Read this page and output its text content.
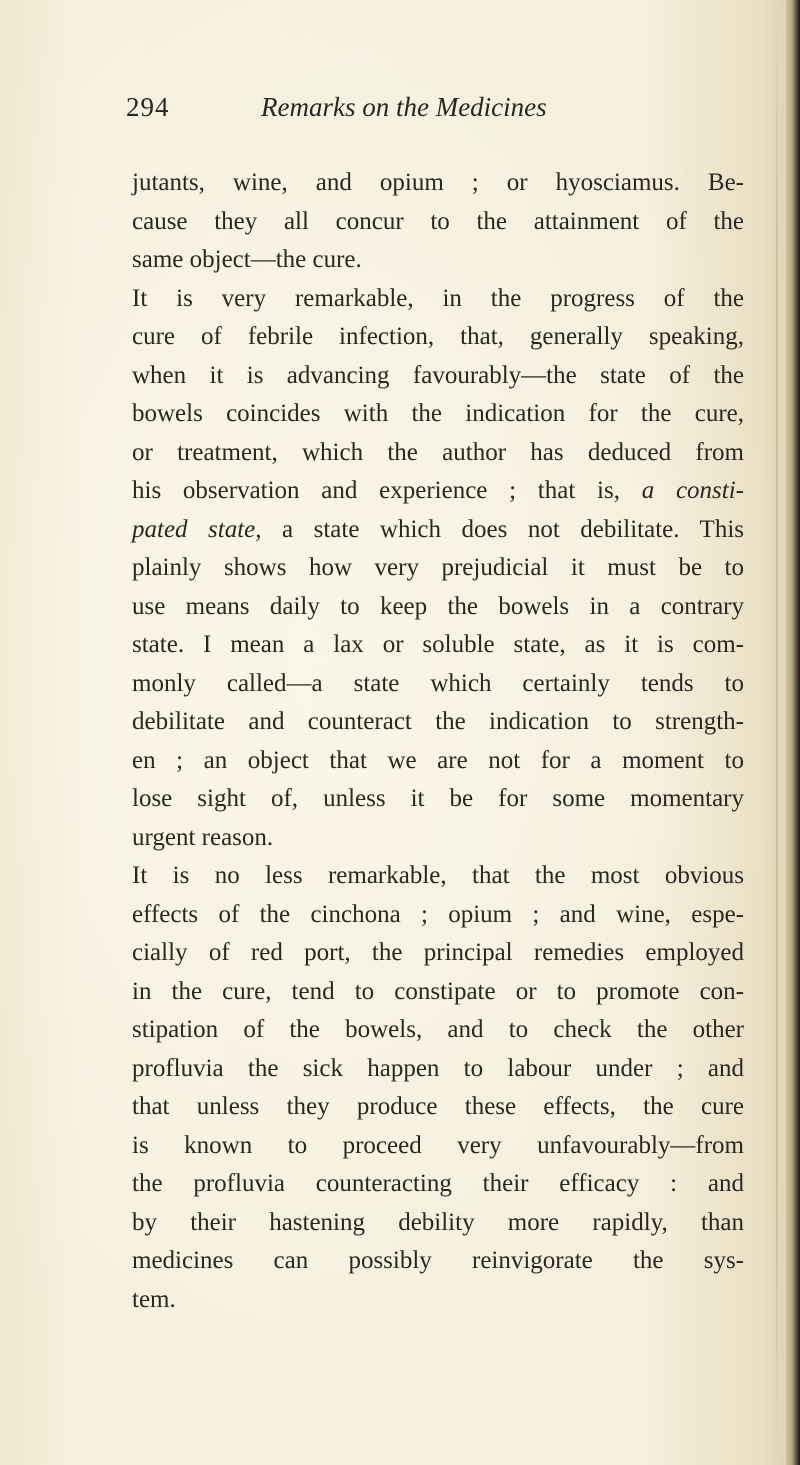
294	Remarks on the Medicines
jutants, wine, and opium ; or hyosciamus. Be-
cause they all concur to the attainment of the
same object—the cure.
It is very remarkable, in the progress of the
cure of febrile infection, that, generally speaking,
when it is advancing favourably—the state of the
bowels coincides with the indication for the cure,
or treatment, which the author has deduced from
his observation and experience ; that is, a consti-
pated state, a state which does not debilitate. This
plainly shows how very prejudicial it must be to
use means daily to keep the bowels in a contrary
state. I mean a lax or soluble state, as it is com-
monly called—a state which certainly tends to
debilitate and counteract the indication to strength-
en ; an object that we are not for a moment to
lose sight of, unless it be for some momentary
urgent reason.
It is no less remarkable, that the most obvious
effects of the cinchona ; opium ; and wine, espe-
cially of red port, the principal remedies employed
in the cure, tend to constipate or to promote con-
stipation of the bowels, and to check the other
profluvia the sick happen to labour under ; and
that unless they produce these effects, the cure
is known to proceed very unfavourably—from
the profluvia counteracting their efficacy : and
by their hastening debility more rapidly, than
medicines can possibly reinvigorate the sys-
tem.
